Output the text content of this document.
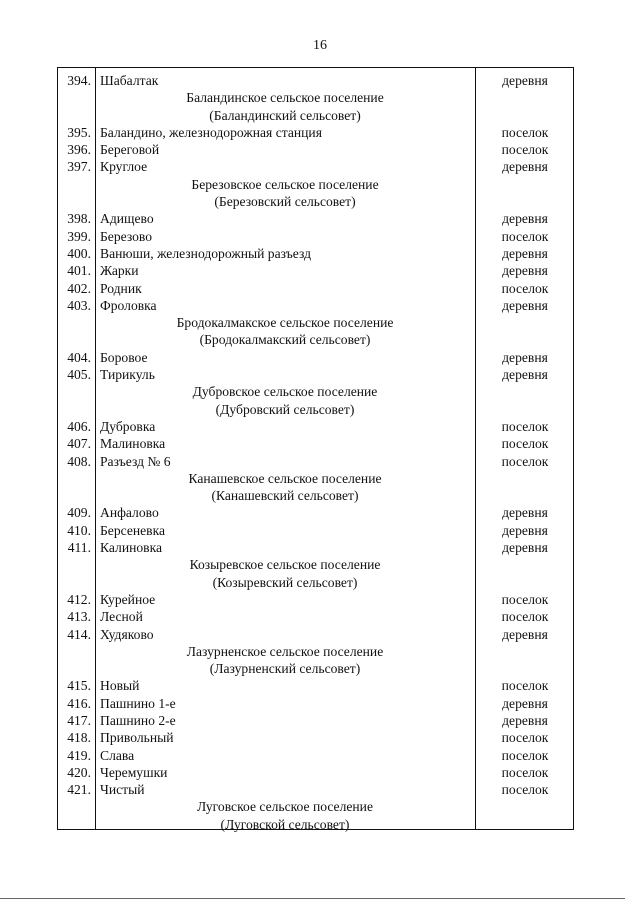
16
394. Шабалтак	деревня
Баландинское сельское поселение
(Баландинский сельсовет)
395. Баландино, железнодорожная станция	поселок
396. Береговой	поселок
397. Круглое	деревня
Березовское сельское поселение
(Березовский сельсовет)
398. Адищево	деревня
399. Березово	поселок
400. Ванюши, железнодорожный разъезд	деревня
401. Жарки	деревня
402. Родник	поселок
403. Фроловка	деревня
Бродокалмакское сельское поселение
(Бродокалмакский сельсовет)
404. Боровое	деревня
405. Тирикуль	деревня
Дубровское сельское поселение
(Дубровский сельсовет)
406. Дубровка	поселок
407. Малиновка	поселок
408. Разъезд № 6	поселок
Канашевское сельское поселение
(Канашевский сельсовет)
409. Анфалово	деревня
410. Берсеневка	деревня
411. Калиновка	деревня
Козыревское сельское поселение
(Козыревский сельсовет)
412. Курейное	поселок
413. Лесной	поселок
414. Худяково	деревня
Лазурненское сельское поселение
(Лазурненский сельсовет)
415. Новый	поселок
416. Пашнино 1-е	деревня
417. Пашнино 2-е	деревня
418. Привольный	поселок
419. Слава	поселок
420. Черемушки	поселок
421. Чистый	поселок
Луговское сельское поселение
(Луговской сельсовет)
